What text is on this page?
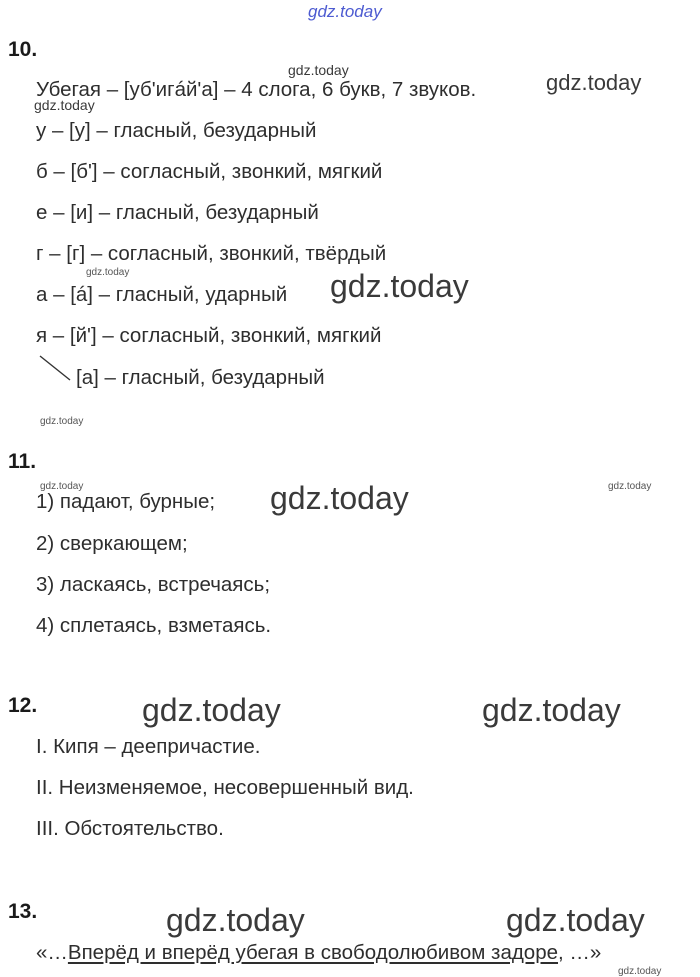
gdz.today
gdz.today	gdz.today
gdz.today
gdz.today	gdz.today
gdz.today
gdz.today	gdz.today
gdz.today
gdz.today	gdz.today
gdz.today	gdz.today
gdz.today
10.
Убегая – [уб'игáй'а] – 4 слога, 6 букв, 7 звуков.
у – [у] – гласный, безударный
б – [б'] – согласный, звонкий, мягкий
е – [и] – гласный, безударный
г – [г] – согласный, звонкий, твёрдый
а – [á] – гласный, ударный
я – [й'] – согласный, звонкий, мягкий
[а] – гласный, безударный
11.
1) падают, бурные;
2) сверкающем;
3) ласкаясь, встречаясь;
4) сплетаясь, взметаясь.
12.
I. Кипя – деепричастие.
II. Неизменяемое, несовершенный вид.
III. Обстоятельство.
13.
«…Вперёд и вперёд убегая в свободолюбивом задоре, …»
